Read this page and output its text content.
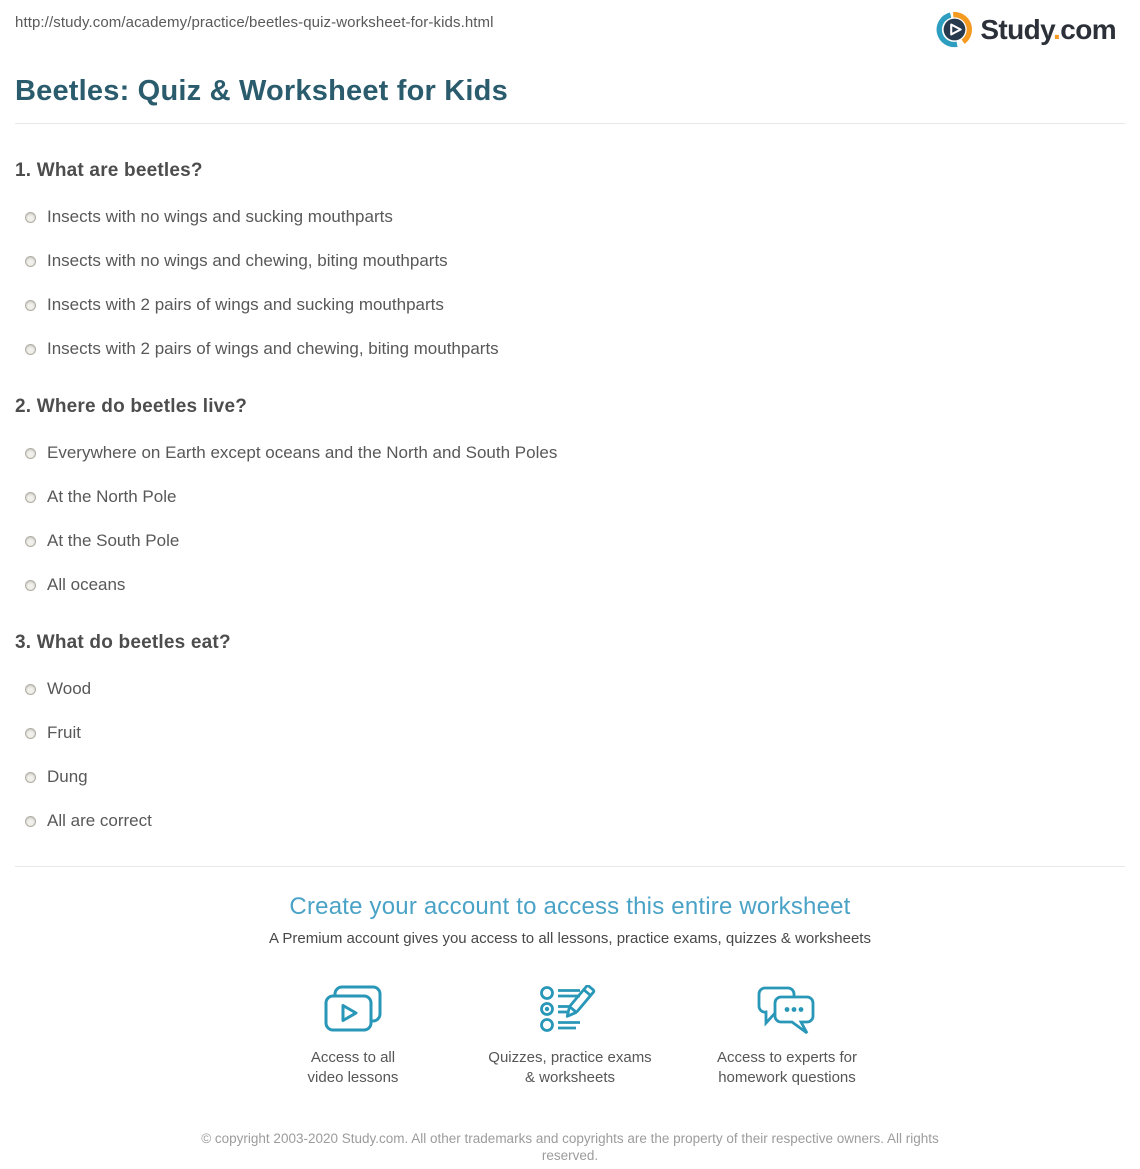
http://study.com/academy/practice/beetles-quiz-worksheet-for-kids.html	Study.com
Beetles: Quiz & Worksheet for Kids
1. What are beetles?
Insects with no wings and sucking mouthparts
Insects with no wings and chewing, biting mouthparts
Insects with 2 pairs of wings and sucking mouthparts
Insects with 2 pairs of wings and chewing, biting mouthparts
2. Where do beetles live?
Everywhere on Earth except oceans and the North and South Poles
At the North Pole
At the South Pole
All oceans
3. What do beetles eat?
Wood
Fruit
Dung
All are correct
Create your account to access this entire worksheet

A Premium account gives you access to all lessons, practice exams, quizzes & worksheets

Access to all
video lessons
Quizzes, practice exams
& worksheets
Access to experts for
homework questions

© copyright 2003-2020 Study.com. All other trademarks and copyrights are the property of their respective owners. All rights reserved.
